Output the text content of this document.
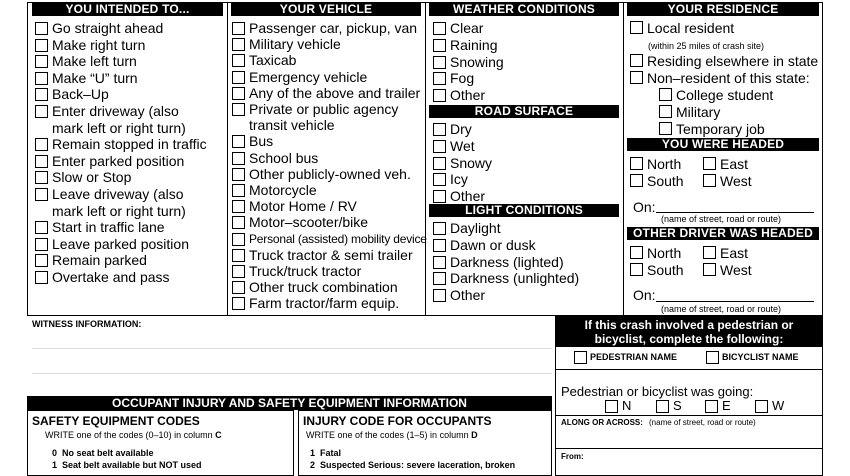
YOU INTENDED TO...
Go straight ahead
Make right turn
Make left turn
Make “U” turn
Back–Up
Enter driveway (also
mark left or right turn)
Remain stopped in traffic
Enter parked position
Slow or Stop
Leave driveway (also
mark left or right turn)
Start in traffic lane
Leave parked position
Remain parked
Overtake and pass
YOUR VEHICLE
Passenger car, pickup, van
Military vehicle
Taxicab
Emergency vehicle
Any of the above and trailer
Private or public agency
transit vehicle
Bus
School bus
Other publicly-owned veh.
Motorcycle
Motor Home / RV
Motor–scooter/bike
Personal (assisted) mobility device
Truck tractor & semi trailer
Truck/truck tractor
Other truck combination
Farm tractor/farm equip.
WEATHER CONDITIONS
ROAD SURFACE
LIGHT CONDITIONS
Clear
Raining
Snowing
Fog
Other
Dry
Wet
Snowy
Icy
Other
Daylight
Dawn or dusk
Darkness (lighted)
Darkness (unlighted)
Other
YOUR RESIDENCE
Local resident
(within 25 miles of crash site)
Residing elsewhere in state
Non–resident of this state:
College student
Military
Temporary job
YOU WERE HEADED
North	East
South	West
On:
(name of street, road or route)
OTHER DRIVER WAS HEADED
North	East
South	West
On:
(name of street, road or route)
WITNESS INFORMATION:	If this crash involved a pedestrian or
bicyclist, complete the following:
PEDESTRIAN NAME	BICYCLIST NAME
Pedestrian or bicyclist was going:
N	S	E	W
ALONG OR ACROSS: (name of street, road or route)
From:
OCCUPANT INJURY AND SAFETY EQUIPMENT INFORMATION
SAFETY EQUIPMENT CODES
WRITE one of the codes (0–10) in column C
0  No seat belt available
1  Seat belt available but NOT used
INJURY CODE FOR OCCUPANTS
WRITE one of the codes (1–5) in column D
1  Fatal
2  Suspected Serious: severe laceration, broken
